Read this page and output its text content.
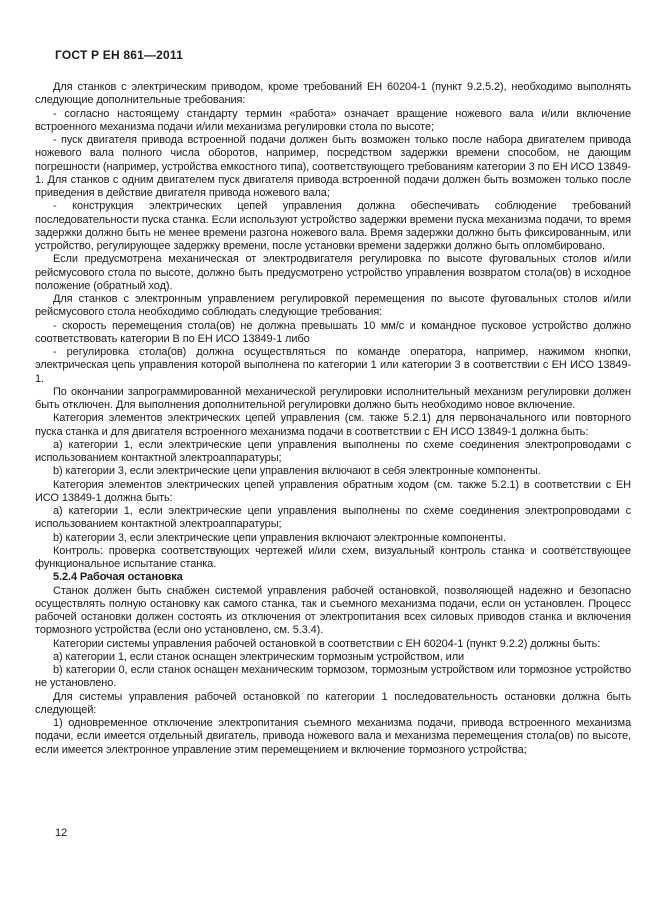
ГОСТ Р ЕН 861—2011

Для станков с электрическим приводом, кроме требований ЕН 60204-1 (пункт 9.2.5.2), необходимо выполнять следующие дополнительные требования:

- согласно настоящему стандарту термин «работа» означает вращение ножевого вала и/или включение встроенного механизма подачи и/или механизма регулировки стола по высоте;

- пуск двигателя привода встроенной подачи должен быть возможен только после набора двигателем привода ножевого вала полного числа оборотов, например, посредством задержки времени способом, не дающим погрешности (например, устройства емкостного типа), соответствующего требованиям категории 3 по ЕН ИСО 13849-1. Для станков с одним двигателем пуск двигателя привода встроенной подачи должен быть возможен только после приведения в действие двигателя привода ножевого вала;

- конструкция электрических цепей управления должна обеспечивать соблюдение требований последовательности пуска станка. Если используют устройство задержки времени пуска механизма подачи, то время задержки должно быть не менее времени разгона ножевого вала. Время задержки должно быть фиксированным, или устройство, регулирующее задержку времени, после установки времени задержки должно быть опломбировано.

Если предусмотрена механическая от электродвигателя регулировка по высоте фуговальных столов и/или рейсмусового стола по высоте, должно быть предусмотрено устройство управления возвратом стола(ов) в исходное положение (обратный ход).

Для станков с электронным управлением регулировкой перемещения по высоте фуговальных столов и/или рейсмусового стола необходимо соблюдать следующие требования:

- скорость перемещения стола(ов) не должна превышать 10 мм/с и командное пусковое устройство должно соответствовать категории В по ЕН ИСО 13849-1 либо

- регулировка стола(ов) должна осуществляться по команде оператора, например, нажимом кнопки, электрическая цепь управления которой выполнена по категории 1 или категории 3 в соответствии с ЕН ИСО 13849-1.

По окончании запрограммированной механической регулировки исполнительный механизм регулировки должен быть отключен. Для выполнения дополнительной регулировки должно быть необходимо новое включение.

Категория элементов электрических цепей управления (см. также 5.2.1) для первоначального или повторного пуска станка и для двигателя встроенного механизма подачи в соответствии с ЕН ИСО 13849-1 должна быть:

a) категории 1, если электрические цепи управления выполнены по схеме соединения электропроводами с использованием контактной электроаппаратуры;

b) категории 3, если электрические цепи управления включают в себя электронные компоненты.

Категория элементов электрических цепей управления обратным ходом (см. также 5.2.1) в соответствии с ЕН ИСО 13849-1 должна быть:

a) категории 1, если электрические цепи управления выполнены по схеме соединения электропроводами с использованием контактной электроаппаратуры;

b) категории 3, если электрические цепи управления включают электронные компоненты.

Контроль: проверка соответствующих чертежей и/или схем, визуальный контроль станка и соответствующее функциональное испытание станка.

5.2.4 Рабочая остановка

Станок должен быть снабжен системой управления рабочей остановкой, позволяющей надежно и безопасно осуществлять полную остановку как самого станка, так и съемного механизма подачи, если он установлен. Процесс рабочей остановки должен состоять из отключения от электропитания всех силовых приводов станка и включения тормозного устройства (если оно установлено, см. 5.3.4).

Категории системы управления рабочей остановкой в соответствии с ЕН 60204-1 (пункт 9.2.2) должны быть:

a) категории 1, если станок оснащен электрическим тормозным устройством, или

b) категории 0, если станок оснащен механическим тормозом, тормозным устройством или тормозное устройство не установлено.

Для системы управления рабочей остановкой по категории 1 последовательность остановки должна быть следующей:

1) одновременное отключение электропитания съемного механизма подачи, привода встроенного механизма подачи, если имеется отдельный двигатель, привода ножевого вала и механизма перемещения стола(ов) по высоте, если имеется электронное управление этим перемещением и включение тормозного устройства;

12
